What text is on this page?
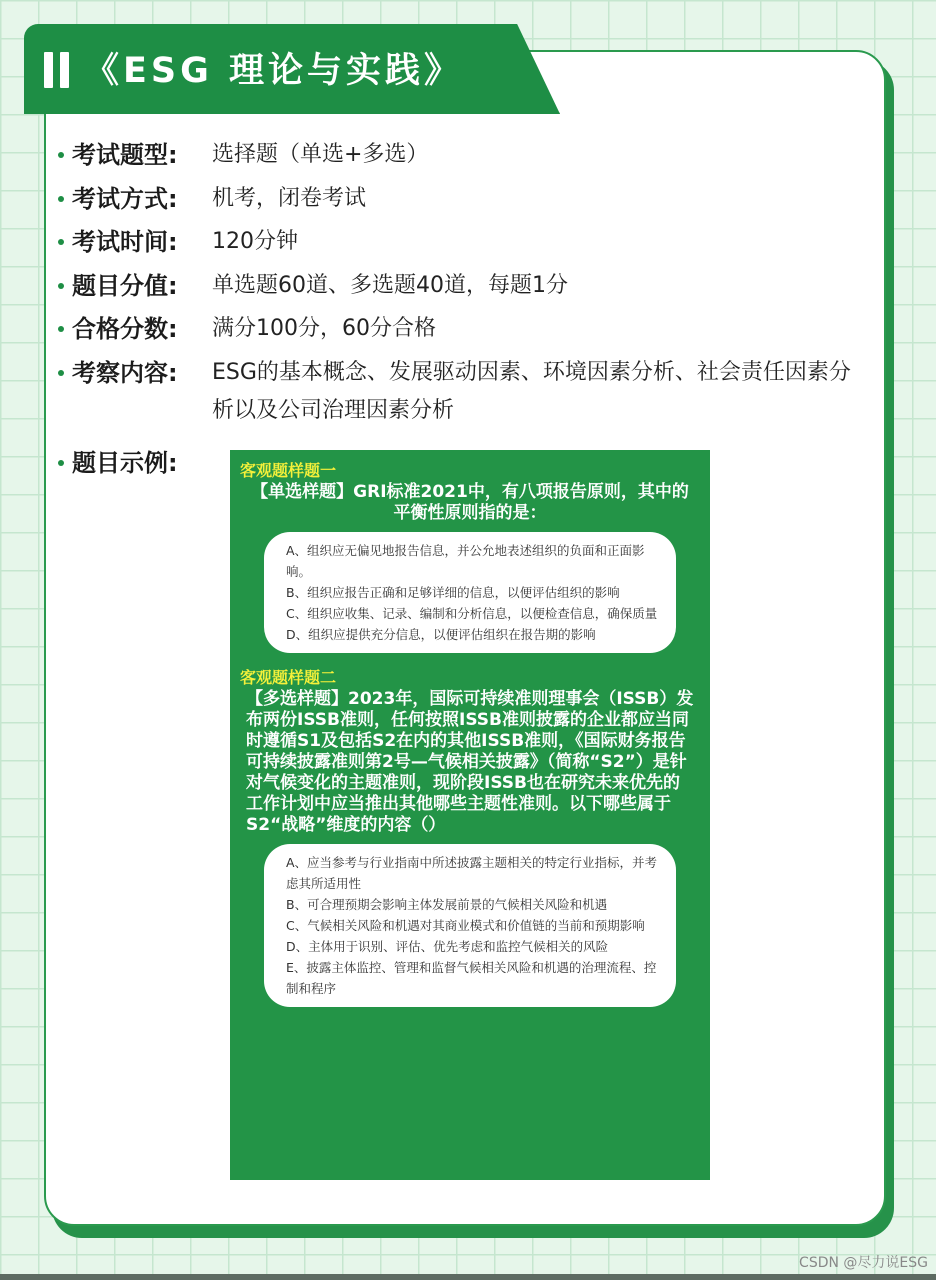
《ESG 理论与实践》
考试题型: 选择题（单选+多选）
考试方式: 机考，闭卷考试
考试时间: 120分钟
题目分值: 单选题60道、多选题40道，每题1分
合格分数: 满分100分，60分合格
考察内容: ESG的基本概念、发展驱动因素、环境因素分析、社会责任因素分析以及公司治理因素分析
题目示例:	客观题样题一
【单选样题】GRI标准2021中，有八项报告原则，其中的平衡性原则指的是：

A、组织应无偏见地报告信息，并公允地表述组织的负面和正面影响。

B、组织应报告正确和足够详细的信息，以便评估组织的影响

C、组织应收集、记录、编制和分析信息，以便检查信息，确保质量

D、组织应提供充分信息，以便评估组织在报告期的影响

客观题样题二
【多选样题】2023年，国际可持续准则理事会（ISSB）发布两份ISSB准则，任何按照ISSB准则披露的企业都应当同时遵循S1及包括S2在内的其他ISSB准则，《国际财务报告可持续披露准则第2号—气候相关披露》（简称“S2”）是针对气候变化的主题准则，现阶段ISSB也在研究未来优先的工作计划中应当推出其他哪些主题性准则。以下哪些属于S2“战略”维度的内容（）

A、应当参考与行业指南中所述披露主题相关的特定行业指标，并考虑其所适用性

B、可合理预期会影响主体发展前景的气候相关风险和机遇

C、气候相关风险和机遇对其商业模式和价值链的当前和预期影响

D、主体用于识别、评估、优先考虑和监控气候相关的风险

E、披露主体监控、管理和监督气候相关风险和机遇的治理流程、控制和程序

CSDN @尽力说ESG
